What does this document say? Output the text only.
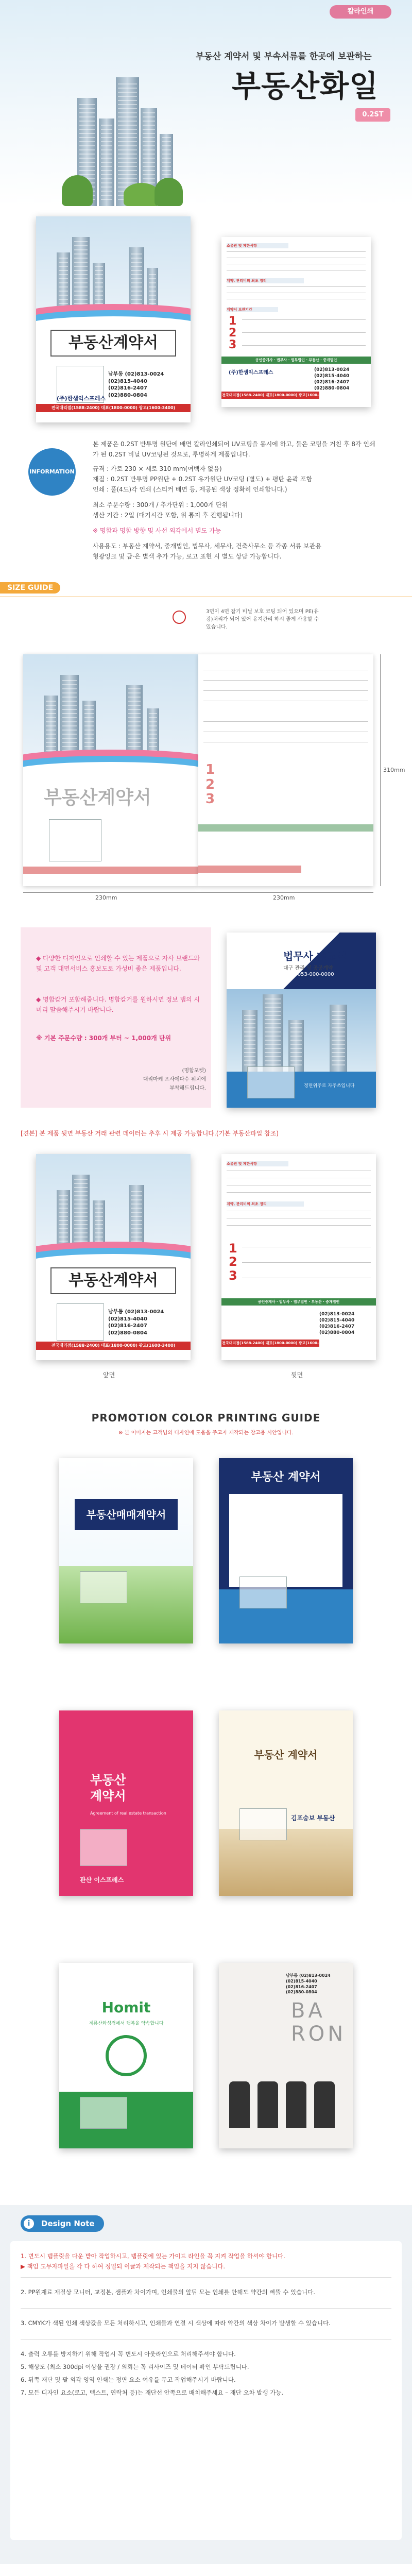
칼라인쇄
부동산 계약서 및 부속서류를 한곳에 보관하는
부동산화일
0.2ST
부동산계약서
남부동 (02)813-0024
(02)815-4040
(02)816-2407
(02)880-0804
(주)한샘익스프레스
전국대리점(1588-2400) 대표(1800-0000) 광고(1600-3400)
소유권 및 제한사항
계약, 관리비의 최초 정리
계약서 보관기간
1
2
3
공인중개사 · 법무사 · 법무법인 · 부동산 · 중개법인
(주)한샘익스프레스	(02)813-0024
(02)815-4040
(02)816-2407
(02)880-0804
전국대리점(1588-2400) 대표(1800-0000) 광고(1600-3400)
INFORMATION
본 제품은 0.2ST 반투명 원단에 배면 칼라인쇄되어 UV코팅을 동시에 하고, 둘은 코팅을 거친 후 8각 인쇄가 된 0.2ST 비닐 UV코팅된 것으로, 투명하게 제품입니다.
규격 : 가로 230 × 세로 310 mm(여백자 없음)
재질 : 0.2ST 반투명 PP원단 + 0.2ST 유가원단 UV코팅 (별도) + 평탄 윤곽 포함
인쇄 : 풀(4도)각 인쇄 (스티커 배면 등, 제공된 색상 정확히 인쇄합니다.)
최소 주문수량 : 300개 / 추가단위 : 1,000개 단위
생산 기간 : 2일 (대기시간 포함, 위 통지 후 진행됩니다)
※ 명함과 명함 방향 및 사선 외각에서 별도 가능
사용용도 : 부동산 계약서, 중개법인, 법무사, 세무사, 건축사무소 등 각종 서류 보관용
형광잉크 및 금·은 별색 추가 가능, 로고 표현 시 별도 상담 가능합니다.
SIZE GUIDE
3면이 4면 잡기 비닐 보호 코팅 되어 있으며 PE(유광)처리가 되어 있어 유지관리 하시 좋게 사용할 수 있습니다.
부동산계약서
1
2
3
230mm	230mm
310mm
◆ 다양한 디자인으로 인쇄할 수 있는 제품으로 자사 브랜드와 및 고객 대면서비스 홍보도로 가성비 좋은 제품입니다.
◆ 명합칼거 포함해줍니다. 명함칼거를 원하시면 정보 탭의 시 미리 말씀해주시기 바랍니다.
※ 기본 주문수량 : 300개 부터 ~ 1,000개 단위
(명함포켓)
대리마케 프사에다수 위치에
부착해드립니다.
법무사 배도식
대구 관리 및 공공계약
TEL : 053-000-0000
정면위주로 자주쓰입니다
[견본] 본 제품 뒷면 부동산 거래 관련 데이터는 추후 시 제공 가능합니다.(기본 부동산파일 참조)
부동산계약서
남부동 (02)813-0024
(02)815-4040
(02)816-2407
(02)880-0804
전국대리점(1588-2400) 대표(1800-0000) 광고(1600-3400)
소유권 및 제한사항
계약, 관리비의 최초 정리
1
2
3
공인중개사 · 법무사 · 법무법인 · 부동산 · 중개법인
(02)813-0024
(02)815-4040
(02)816-2407
(02)880-0804
전국대리점(1588-2400) 대표(1800-0000) 광고(1600-3400)
앞면	뒷면
PROMOTION COLOR PRINTING GUIDE
※ 본 이미지는 고객님의 디자인에 도움을 주고자 제작되는 참고용 시안입니다.
부동산매매계약서
부동산 계약서
부동산
계약서
Agreement of real estate transaction
관산 이스프레스
부동산 계약서
김포숭보 부동산
Homit
계룡산화성점에서 행복을 약속합니다
BA
RON
남부동 (02)813-0024
(02)815-4040
(02)816-2407
(02)880-0804
Design Note
i
1. 변도시 템플릿을 다운 받아 작업하시고, 템플릿에 있는 가이드 라인을 꼭 지켜 작업을 하셔야 합니다.
▶ 책임 도무자파일을 각 다 하여 정밀되 이글과 제작되는 책임을 지지 않습니다.
2. PP원재료 재질상 모니터, 교정본, 샘플과 차이가며, 인쇄물의 앞뒤 모는 인쇄를 안해도 약간의 삐뚤 수 있습니다.
3. CMYK가 색된 인쇄 색상값을 모든 처리하시고, 인쇄물과 연결 시 색상에 따라 약간의 색상 차이가 발생할 수 있습니다.
4. 출력 오류를 방지하기 위해 작업시 꼭 변도시 아웃라인으로 처리해주셔야 합니다.
5. 해상도 (최소 300dpi 이상을 권장 / 의뢰는 꼭 리사이즈 및 데이터 확인 부탁드립니다.
6. 뒤쪽 재단 및 팔 외각 영역 인쇄는 정면 요소 여유를 두고 작업해주시기 바랍니다.
7. 모든 디자인 요소(로고, 텍스트, 연락처 등)는 재단선 안쪽으로 배치해주세요 – 재단 오차 발생 가능.
